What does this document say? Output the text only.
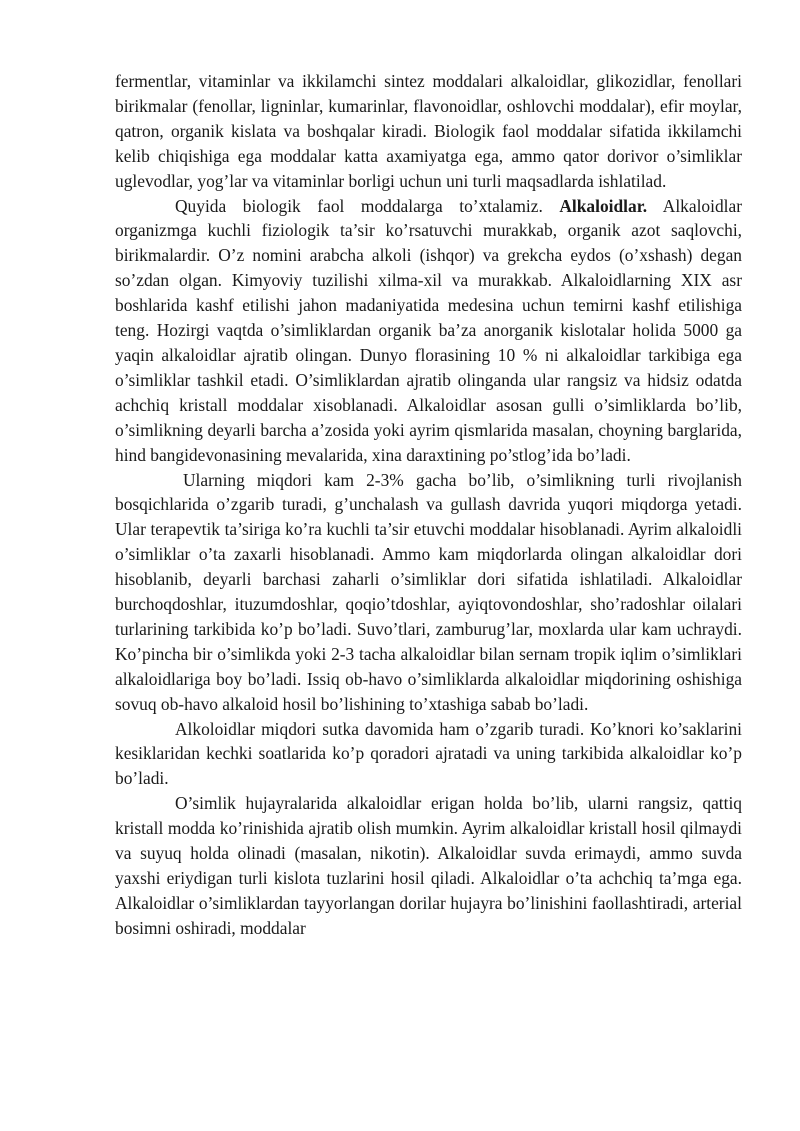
fermentlar, vitaminlar va ikkilamchi sintez moddalari alkaloidlar, glikozidlar, fenollari birikmalar (fenollar, ligninlar, kumarinlar, flavonoidlar, oshlovchi moddalar), efir moylar, qatron, organik kislata va boshqalar kiradi. Biologik faol moddalar sifatida ikkilamchi kelib chiqishiga ega moddalar katta axamiyatga ega, ammo qator dorivor o’simliklar uglevodlar, yog’lar va vitaminlar borligi uchun uni turli maqsadlarda ishlatilad.

Quyida biologik faol moddalarga to’xtalamiz. Alkaloidlar. Alkaloidlar organizmga kuchli fiziologik ta’sir ko’rsatuvchi murakkab, organik azot saqlovchi, birikmalardir. O’z nomini arabcha alkoli (ishqor) va grekcha eydos (o’xshash) degan so’zdan olgan. Kimyoviy tuzilishi xilma-xil va murakkab. Alkaloidlarning XIX asr boshlarida kashf etilishi jahon madaniyatida medesina uchun temirni kashf etilishiga teng. Hozirgi vaqtda o’simliklardan organik ba’za anorganik kislotalar holida 5000 ga yaqin alkaloidlar ajratib olingan. Dunyo florasining 10 % ni alkaloidlar tarkibiga ega o’simliklar tashkil etadi. O’simliklardan ajratib olinganda ular rangsiz va hidsiz odatda achchiq kristall moddalar xisoblanadi. Alkaloidlar asosan gulli o’simliklarda bo’lib, o’simlikning deyarli barcha a’zosida yoki ayrim qismlarida masalan, choyning barglarida, hind bangidevonasining mevalarida, xina daraxtining po’stlog’ida bo’ladi.

Ularning miqdori kam 2-3% gacha bo’lib, o’simlikning turli rivojlanish bosqichlarida o’zgarib turadi, g’unchalash va gullash davrida yuqori miqdorga yetadi. Ular terapevtik ta’siriga ko’ra kuchli ta’sir etuvchi moddalar hisoblanadi. Ayrim alkaloidli o’simliklar o’ta zaxarli hisoblanadi. Ammo kam miqdorlarda olingan alkaloidlar dori hisoblanib, deyarli barchasi zaharli o’simliklar dori sifatida ishlatiladi. Alkaloidlar burchoqdoshlar, ituzumdoshlar, qoqio’tdoshlar, ayiqtovondoshlar, sho’radoshlar oilalari turlarining tarkibida ko’p bo’ladi. Suvo’tlari, zamburug’lar, moxlarda ular kam uchraydi. Ko’pincha bir o’simlikda yoki 2-3 tacha alkaloidlar bilan sernam tropik iqlim o’simliklari alkaloidlariga boy bo’ladi. Issiq ob-havo o’simliklarda alkaloidlar miqdorining oshishiga sovuq ob-havo alkaloid hosil bo’lishining to’xtashiga sabab bo’ladi.

Alkoloidlar miqdori sutka davomida ham o’zgarib turadi. Ko’knori ko’saklarini kesiklaridan kechki soatlarida ko’p qoradori ajratadi va uning tarkibida alkaloidlar ko’p bo’ladi.

O’simlik hujayralarida alkaloidlar erigan holda bo’lib, ularni rangsiz, qattiq kristall modda ko’rinishida ajratib olish mumkin. Ayrim alkaloidlar kristall hosil qilmaydi va suyuq holda olinadi (masalan, nikotin). Alkaloidlar suvda erimaydi, ammo suvda yaxshi eriydigan turli kislota tuzlarini hosil qiladi. Alkaloidlar o’ta achchiq ta’mga ega. Alkaloidlar o’simliklardan tayyorlangan dorilar hujayra bo’linishini faollashtiradi, arterial bosimni oshiradi, moddalar
